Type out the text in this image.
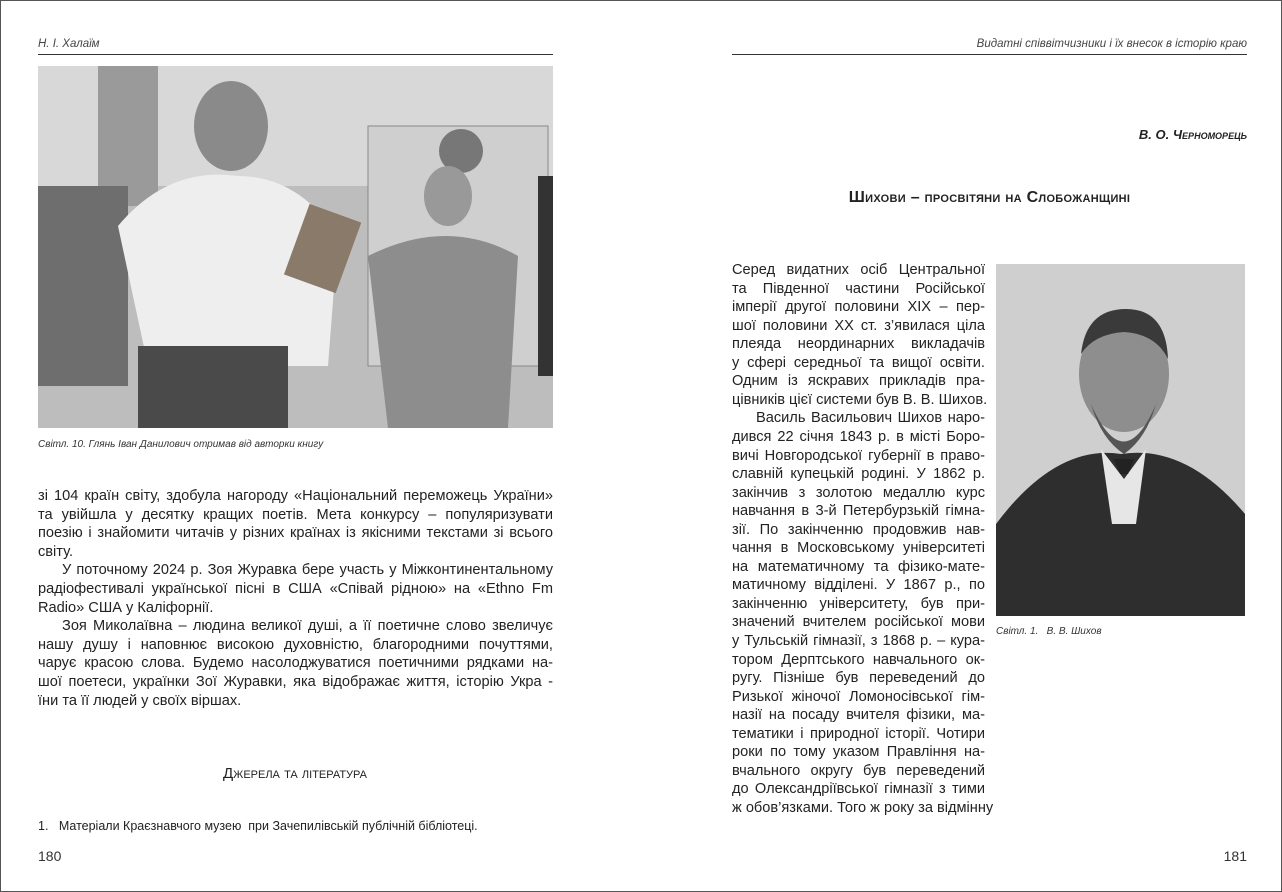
Н. І. Халаїм
Світл. 10. Глянь Іван Данилович отримав від авторки книгу
зі 104 країн світу, здобула нагороду «Національний переможець України»
та увійшла у десятку кращих поетів. Мета конкурсу – популяризувати
поезію і знайомити читачів у різних країнах із якісними текстами зі всього
світу.
У поточному 2024 р. Зоя Журавка бере участь у Міжконтинентальному
радіофестивалі української пісні в США «Співай рідною» на «Ethno Fm
Radio» США у Каліфорнії.
Зоя Миколаївна – людина великої душі, а її поетичне слово звеличує
нашу душу і наповнює високою духовністю, благородними почуттями,
чарує красою слова. Будемо насолоджуватися поетичними рядками на-
шої поетеси, українки Зої Журавки, яка відображає життя, історію Укра -
їни та її людей у своїх віршах.
Джерела та література
1.   Матеріали Краєзнавчого музею  при Зачепилівській публічній бібліотеці.
180
Видатні співвітчизники і їх внесок в історію краю
В. О. Черноморець
Шихови – просвітяни на Слобожанщині
Світл. 1.   В. В. Шихов
Серед видатних осіб Центральної
та Південної частини Російської
імперії другої половини XIX – пер-
шої половини XX ст. з’явилася ціла
плеяда неординарних викладачів
у сфері середньої та вищої освіти.
Одним із яскравих прикладів пра-
цівників цієї системи був В. В. Шихов.
Василь Васильович Шихов наро-
дився 22 січня 1843 р. в місті Боро-
вичі Новгородської губернії в право-
славній купецькій родині. У 1862 р.
закінчив з золотою медаллю курс
навчання в 3-й Петербурзькій гімна-
зії. По закінченню продовжив нав-
чання в Московському університеті
на математичному та фізико-мате-
матичному відділені. У 1867 р., по
закінченню університету, був при-
значений вчителем російської мови
у Тульській гімназії, з 1868 р. – кура-
тором Дерптського навчального ок-
ругу. Пізніше був переведений до
Ризької жіночої Ломоносівської гім-
назії на посаду вчителя фізики, ма-
тематики і природної історії. Чотири
роки по тому указом Правління на-
вчального округу був переведений
до Олександріївської гімназії з тими
ж обов’язками. Того ж року за відмінну
181
